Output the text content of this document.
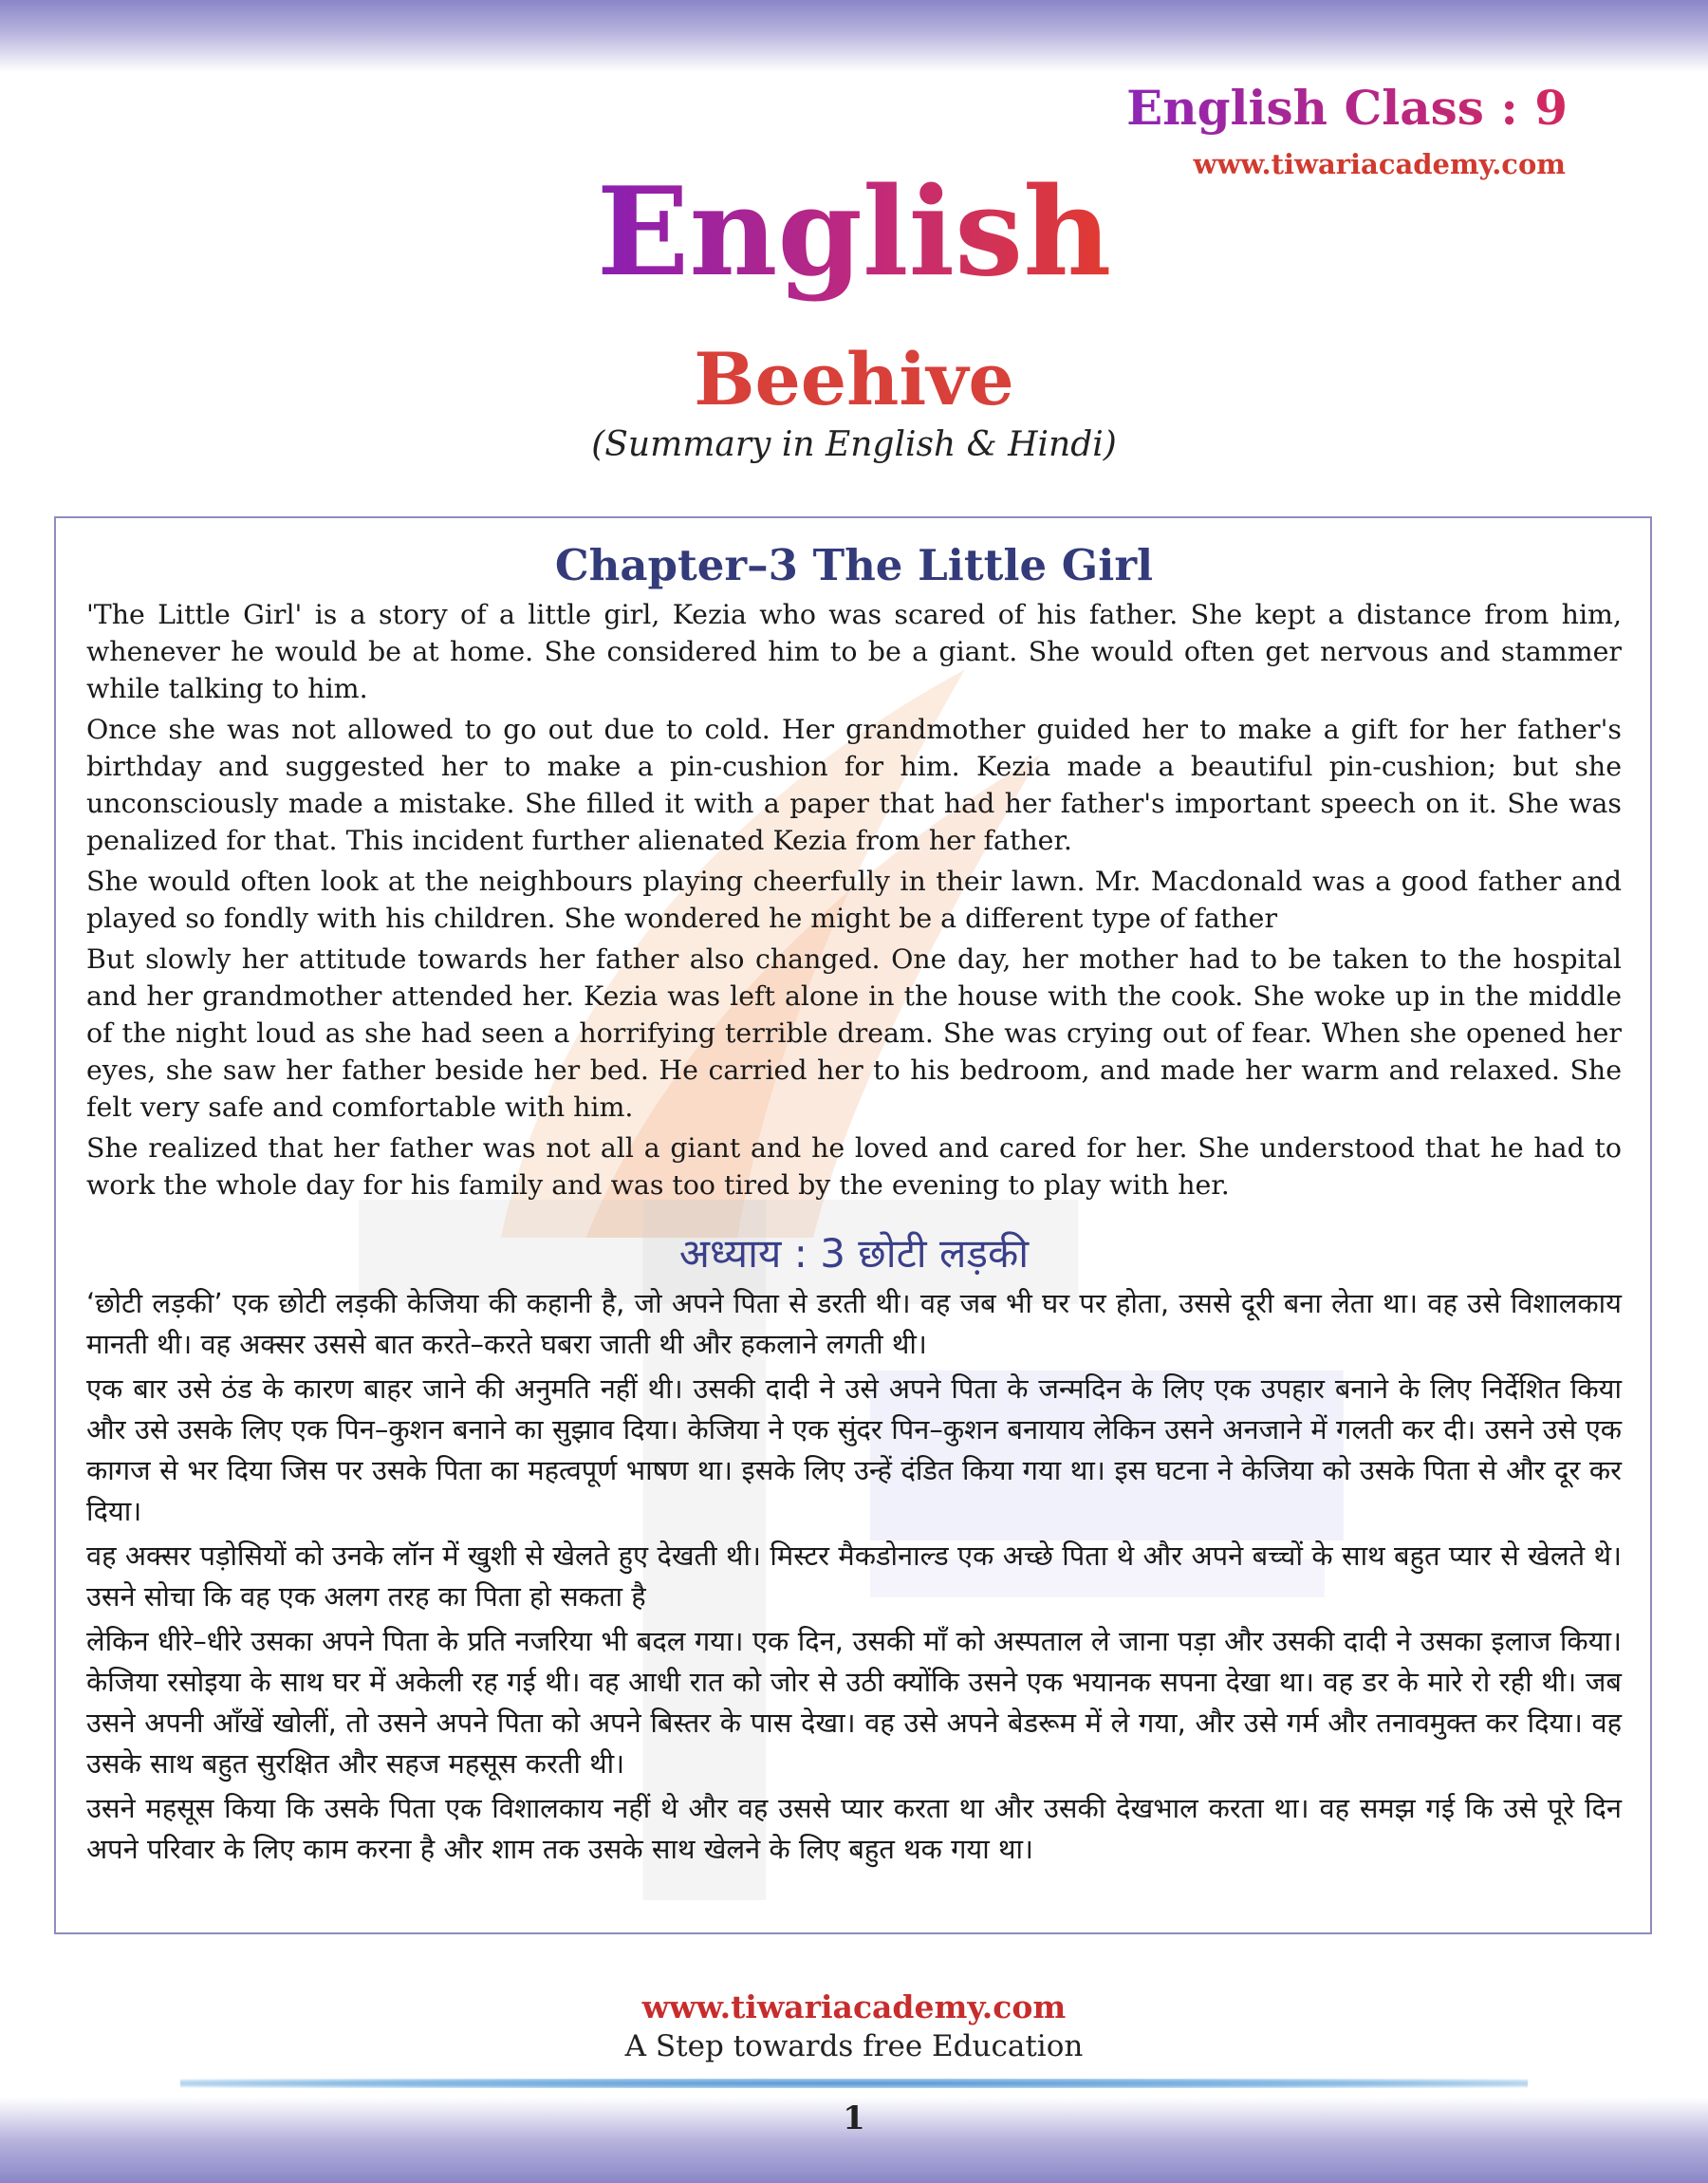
English Class : 9
www.tiwariacademy.com
English
Beehive
(Summary in English & Hindi)
Chapter–3 The Little Girl

'The Little Girl' is a story of a little girl, Kezia who was scared of his father. She kept a distance from him, whenever he would be at home. She considered him to be a giant. She would often get nervous and stammer while talking to him.

Once she was not allowed to go out due to cold. Her grandmother guided her to make a gift for her father's birthday and suggested her to make a pin-cushion for him. Kezia made a beautiful pin-cushion; but she unconsciously made a mistake. She filled it with a paper that had her father's important speech on it. She was penalized for that. This incident further alienated Kezia from her father.

She would often look at the neighbours playing cheerfully in their lawn. Mr. Macdonald was a good father and played so fondly with his children. She wondered he might be a different type of father

But slowly her attitude towards her father also changed. One day, her mother had to be taken to the hospital and her grandmother attended her. Kezia was left alone in the house with the cook. She woke up in the middle of the night loud as she had seen a horrifying terrible dream. She was crying out of fear. When she opened her eyes, she saw her father beside her bed. He carried her to his bedroom, and made her warm and relaxed. She felt very safe and comfortable with him.

She realized that her father was not all a giant and he loved and cared for her. She understood that he had to work the whole day for his family and was too tired by the evening to play with her.

अध्याय : 3 छोटी लड़की

‘छोटी लड़की’ एक छोटी लड़की केजिया की कहानी है, जो अपने पिता से डरती थी। वह जब भी घर पर होता, उससे दूरी बना लेता था। वह उसे विशालकाय मानती थी। वह अक्सर उससे बात करते–करते घबरा जाती थी और हकलाने लगती थी।

एक बार उसे ठंड के कारण बाहर जाने की अनुमति नहीं थी। उसकी दादी ने उसे अपने पिता के जन्मदिन के लिए एक उपहार बनाने के लिए निर्देशित किया और उसे उसके लिए एक पिन–कुशन बनाने का सुझाव दिया। केजिया ने एक सुंदर पिन–कुशन बनायाय लेकिन उसने अनजाने में गलती कर दी। उसने उसे एक कागज से भर दिया जिस पर उसके पिता का महत्वपूर्ण भाषण था। इसके लिए उन्हें दंडित किया गया था। इस घटना ने केजिया को उसके पिता से और दूर कर दिया।

वह अक्सर पड़ोसियों को उनके लॉन में खुशी से खेलते हुए देखती थी। मिस्टर मैकडोनाल्ड एक अच्छे पिता थे और अपने बच्चों के साथ बहुत प्यार से खेलते थे। उसने सोचा कि वह एक अलग तरह का पिता हो सकता है

लेकिन धीरे–धीरे उसका अपने पिता के प्रति नजरिया भी बदल गया। एक दिन, उसकी माँ को अस्पताल ले जाना पड़ा और उसकी दादी ने उसका इलाज किया। केजिया रसोइया के साथ घर में अकेली रह गई थी। वह आधी रात को जोर से उठी क्योंकि उसने एक भयानक सपना देखा था। वह डर के मारे रो रही थी। जब उसने अपनी आँखें खोलीं, तो उसने अपने पिता को अपने बिस्तर के पास देखा। वह उसे अपने बेडरूम में ले गया, और उसे गर्म और तनावमुक्त कर दिया। वह उसके साथ बहुत सुरक्षित और सहज महसूस करती थी।

उसने महसूस किया कि उसके पिता एक विशालकाय नहीं थे और वह उससे प्यार करता था और उसकी देखभाल करता था। वह समझ गई कि उसे पूरे दिन अपने परिवार के लिए काम करना है और शाम तक उसके साथ खेलने के लिए बहुत थक गया था।

www.tiwariacademy.com
A Step towards free Education
1
